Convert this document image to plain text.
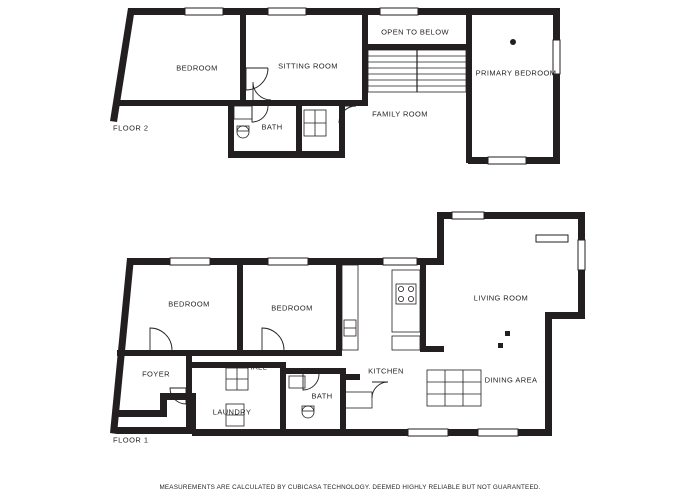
FLOOR 2
BEDROOM	SITTING ROOM
OPEN TO BELOW
PRIMARY BEDROOM
FAMILY ROOM
BATH
FLOOR 1
BEDROOM	BEDROOM
LIVING ROOM
HALL	KITCHEN
DINING AREA
FOYER
LAUNDRY
BATH
MEASUREMENTS ARE CALCULATED BY CUBICASA TECHNOLOGY. DEEMED HIGHLY RELIABLE BUT NOT GUARANTEED.
